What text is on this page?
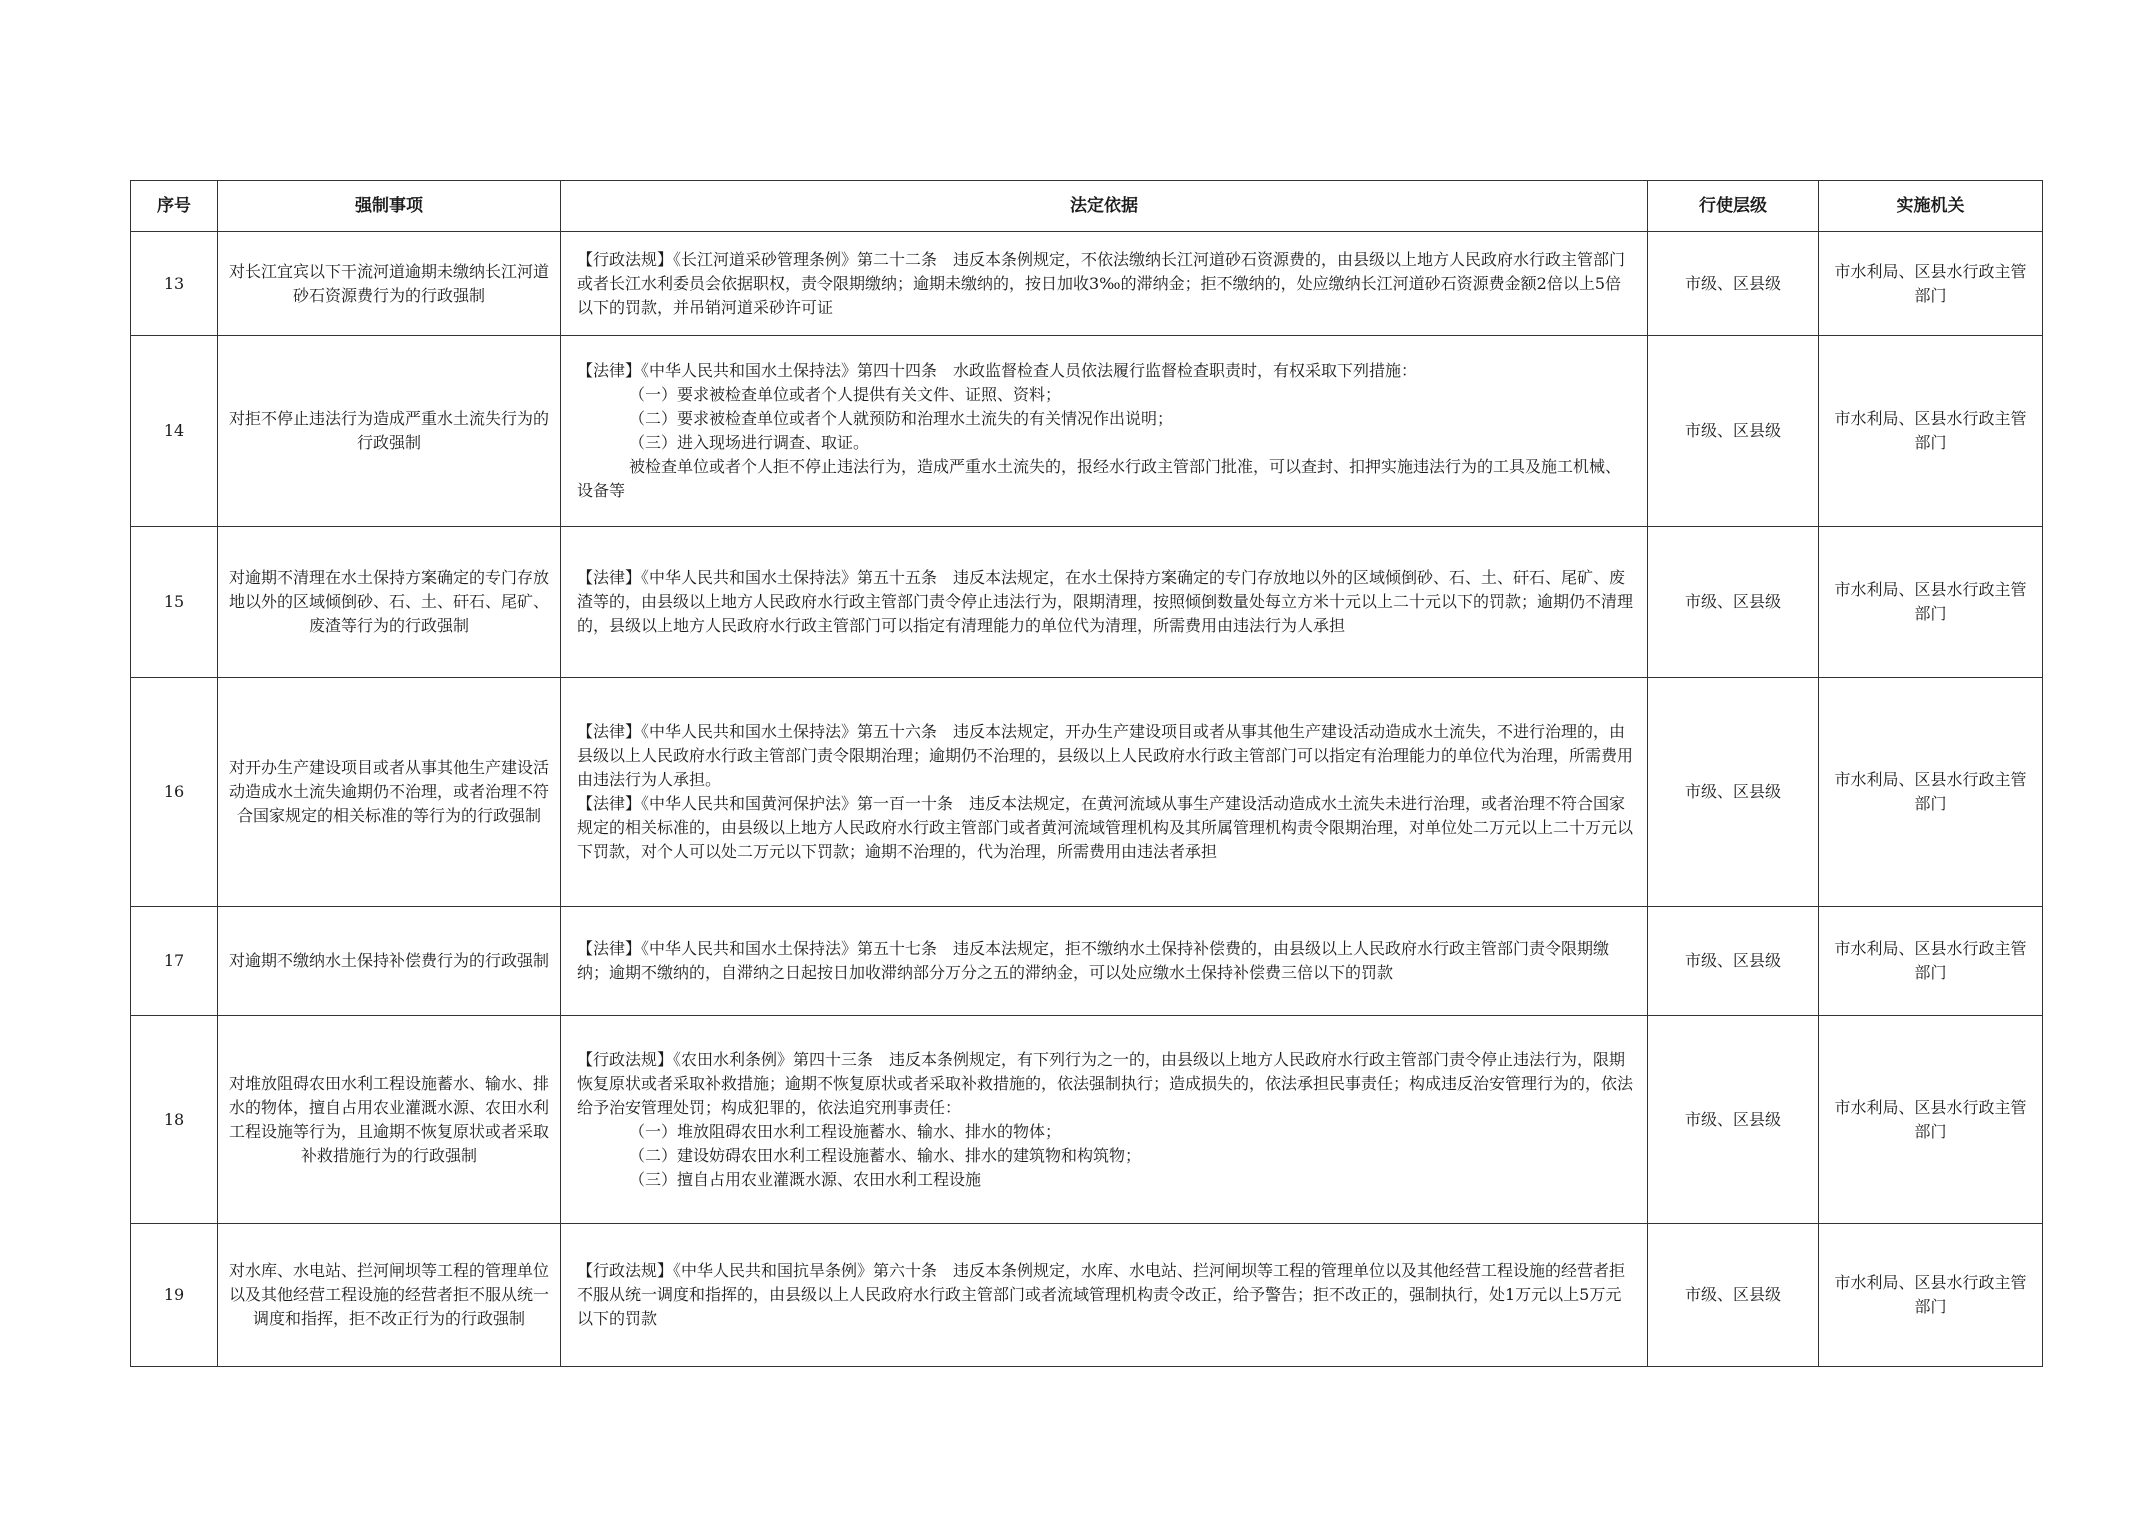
序号	强制事项	法定依据	行使层级	实施机关
13	对长江宜宾以下干流河道逾期未缴纳长江河道砂石资源费行为的行政强制	【行政法规】《长江河道采砂管理条例》第二十二条　违反本条例规定，不依法缴纳长江河道砂石资源费的，由县级以上地方人民政府水行政主管部门或者长江水利委员会依据职权，责令限期缴纳；逾期未缴纳的，按日加收3‰的滞纳金；拒不缴纳的，处应缴纳长江河道砂石资源费金额2倍以上5倍以下的罚款，并吊销河道采砂许可证	市级、区县级	市水利局、区县水行政主管部门
14	对拒不停止违法行为造成严重水土流失行为的行政强制	【法律】《中华人民共和国水土保持法》第四十四条　水政监督检查人员依法履行监督检查职责时，有权采取下列措施：

（一）要求被检查单位或者个人提供有关文件、证照、资料；

（二）要求被检查单位或者个人就预防和治理水土流失的有关情况作出说明；

（三）进入现场进行调查、取证。

被检查单位或者个人拒不停止违法行为，造成严重水土流失的，报经水行政主管部门批准，可以查封、扣押实施违法行为的工具及施工机械、设备等	市级、区县级	市水利局、区县水行政主管部门
15	对逾期不清理在水土保持方案确定的专门存放地以外的区域倾倒砂、石、土、矸石、尾矿、废渣等行为的行政强制	【法律】《中华人民共和国水土保持法》第五十五条　违反本法规定，在水土保持方案确定的专门存放地以外的区域倾倒砂、石、土、矸石、尾矿、废渣等的，由县级以上地方人民政府水行政主管部门责令停止违法行为，限期清理，按照倾倒数量处每立方米十元以上二十元以下的罚款；逾期仍不清理的，县级以上地方人民政府水行政主管部门可以指定有清理能力的单位代为清理，所需费用由违法行为人承担	市级、区县级	市水利局、区县水行政主管部门
16	对开办生产建设项目或者从事其他生产建设活动造成水土流失逾期仍不治理，或者治理不符合国家规定的相关标准的等行为的行政强制	【法律】《中华人民共和国水土保持法》第五十六条　违反本法规定，开办生产建设项目或者从事其他生产建设活动造成水土流失，不进行治理的，由县级以上人民政府水行政主管部门责令限期治理；逾期仍不治理的，县级以上人民政府水行政主管部门可以指定有治理能力的单位代为治理，所需费用由违法行为人承担。

【法律】《中华人民共和国黄河保护法》第一百一十条　违反本法规定，在黄河流域从事生产建设活动造成水土流失未进行治理，或者治理不符合国家规定的相关标准的，由县级以上地方人民政府水行政主管部门或者黄河流域管理机构及其所属管理机构责令限期治理，对单位处二万元以上二十万元以下罚款，对个人可以处二万元以下罚款；逾期不治理的，代为治理，所需费用由违法者承担	市级、区县级	市水利局、区县水行政主管部门
17	对逾期不缴纳水土保持补偿费行为的行政强制	【法律】《中华人民共和国水土保持法》第五十七条　违反本法规定，拒不缴纳水土保持补偿费的，由县级以上人民政府水行政主管部门责令限期缴纳；逾期不缴纳的，自滞纳之日起按日加收滞纳部分万分之五的滞纳金，可以处应缴水土保持补偿费三倍以下的罚款	市级、区县级	市水利局、区县水行政主管部门
18	对堆放阻碍农田水利工程设施蓄水、输水、排水的物体，擅自占用农业灌溉水源、农田水利工程设施等行为，且逾期不恢复原状或者采取补救措施行为的行政强制	【行政法规】《农田水利条例》第四十三条　违反本条例规定，有下列行为之一的，由县级以上地方人民政府水行政主管部门责令停止违法行为，限期恢复原状或者采取补救措施；逾期不恢复原状或者采取补救措施的，依法强制执行；造成损失的，依法承担民事责任；构成违反治安管理行为的，依法给予治安管理处罚；构成犯罪的，依法追究刑事责任：

（一）堆放阻碍农田水利工程设施蓄水、输水、排水的物体；

（二）建设妨碍农田水利工程设施蓄水、输水、排水的建筑物和构筑物；

（三）擅自占用农业灌溉水源、农田水利工程设施	市级、区县级	市水利局、区县水行政主管部门
19	对水库、水电站、拦河闸坝等工程的管理单位以及其他经营工程设施的经营者拒不服从统一调度和指挥，拒不改正行为的行政强制	【行政法规】《中华人民共和国抗旱条例》第六十条　违反本条例规定，水库、水电站、拦河闸坝等工程的管理单位以及其他经营工程设施的经营者拒不服从统一调度和指挥的，由县级以上人民政府水行政主管部门或者流域管理机构责令改正，给予警告；拒不改正的，强制执行，处1万元以上5万元以下的罚款	市级、区县级	市水利局、区县水行政主管部门
